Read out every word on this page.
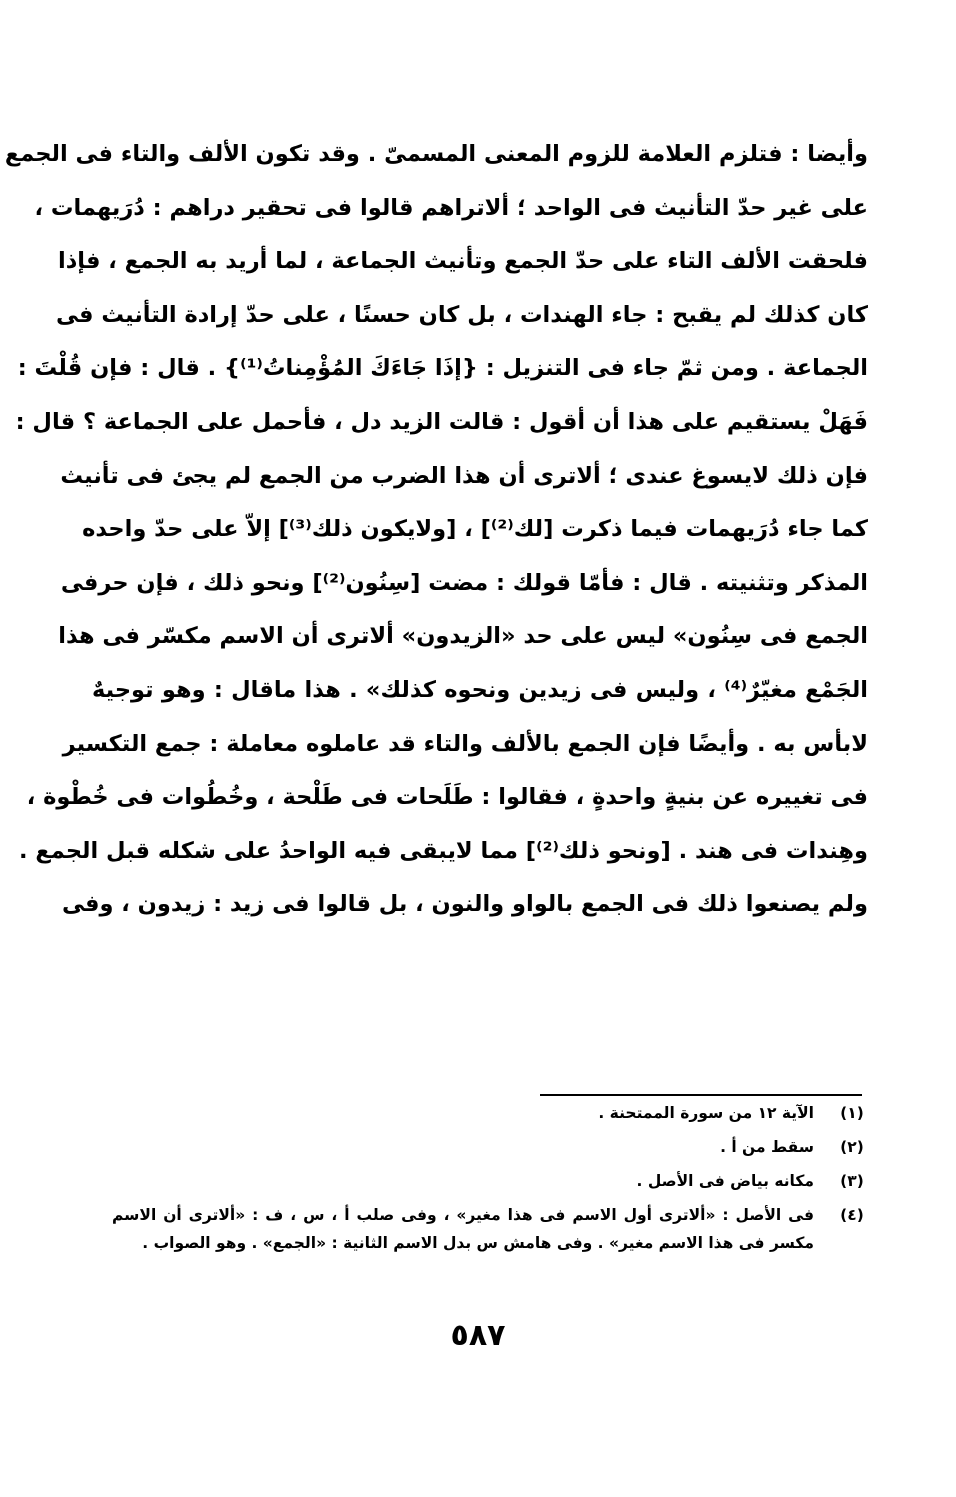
وأيضا : فتلزم العلامة للزوم المعنى المسمىّ . وقد تكون الألف والتاء فى الجمع
على غير حدّ التأنيث فى الواحد ؛ ألاتراهم قالوا فى تحقير دراهم : دُرَيهمات ،
فلحقت الألف التاء على حدّ الجمع وتأنيث الجماعة ، لما أريد به الجمع ، فإذا
كان كذلك لم يقبح : جاء الهندات ، بل كان حسنًا ، على حدّ إرادة التأنيث فى
الجماعة . ومن ثمّ جاء فى التنزيل : {إذَا جَاءَكَ المُؤْمِناتُ⁽¹⁾} . قال : فإن قُلْتَ :
فَهَلْ يستقيم على هذا أن أقول : قالت الزيد دل ، فأحمل على الجماعة ؟ قال :
فإن ذلك لايسوغ عندى ؛ ألاترى أن هذا الضرب من الجمع لم يجئ فى تأنيث
كما جاء دُرَيهمات فيما ذكرت [لك⁽²⁾] ، [ولايكون ذلك⁽³⁾] إلاّ على حدّ واحده
المذكر وتثنيته . قال : فأمّا قولك : مضت [سِنُون⁽²⁾] ونحو ذلك ، فإن حرفى
الجمع فى سِنُون» ليس على حد «الزيدون» ألاترى أن الاسم مكسّر فى هذا
الجَمْع مغيّرٌ⁽⁴⁾ ، وليس فى زيدين ونحوه كذلك» . هذا ماقال : وهو توجيهٌ
لابأس به . وأيضًا فإن الجمع بالألف والتاء قد عاملوه معاملة : جمع التكسير
فى تغييره عن بنيةٍ واحدةٍ ، فقالوا : طَلَحات فى طَلْحة ، وخُطُوات فى خُطْوة ،
وهِندات فى هند . [ونحو ذلك⁽²⁾] مما لايبقى فيه الواحدُ على شكله قبل الجمع .
ولم يصنعوا ذلك فى الجمع بالواو والنون ، بل قالوا فى زيد : زيدون ، وفى
(١)
الآية ١٢ من سورة الممتحنة .
(٢)
سقط من أ .
(٣)
مكانه بياض فى الأصل .
(٤)
فى الأصل : «ألاترى أول الاسم فى هذا مغير» ، وفى صلب أ ، س ، ف : «ألاترى أن الاسم
مكسر فى هذا الاسم مغير» . وفى هامش س بدل الاسم الثانية : «الجمع» . وهو الصواب .
٥٨٧
